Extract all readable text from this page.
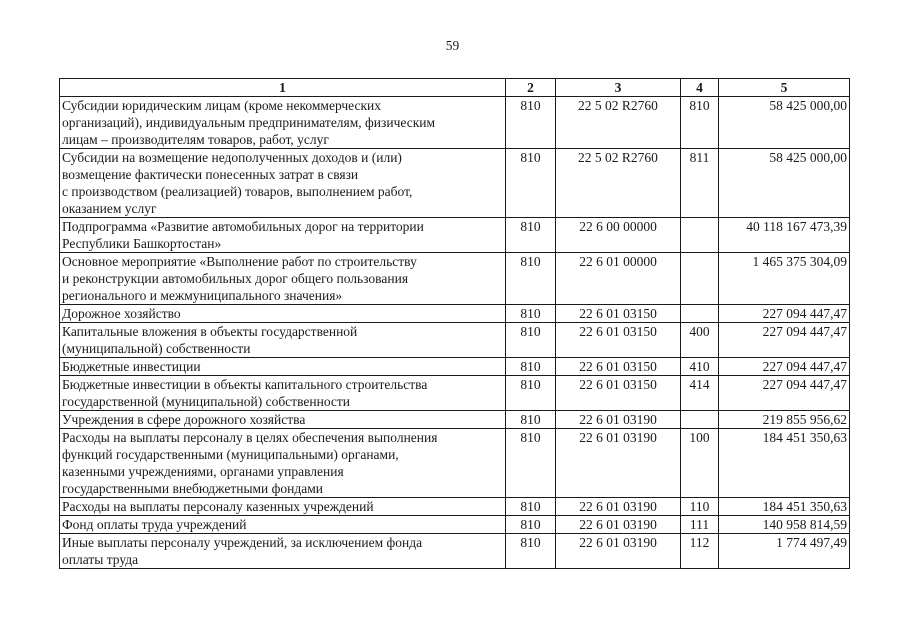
59
1	2	3	4	5
Субсидии юридическим лицам (кроме некоммерческих
организаций), индивидуальным предпринимателям, физическим
лицам – производителям товаров, работ, услуг	810	22 5 02 R2760	810	58 425 000,00
Субсидии на возмещение недополученных доходов и (или)
возмещение фактически понесенных затрат в связи
с производством (реализацией) товаров, выполнением работ,
оказанием услуг	810	22 5 02 R2760	811	58 425 000,00
Подпрограмма «Развитие автомобильных дорог на территории
Республики Башкортостан»	810	22 6 00 00000		40 118 167 473,39
Основное мероприятие «Выполнение работ по строительству
и реконструкции автомобильных дорог общего пользования
регионального и межмуниципального значения»	810	22 6 01 00000		1 465 375 304,09
Дорожное хозяйство	810	22 6 01 03150		227 094 447,47
Капитальные вложения в объекты государственной
(муниципальной) собственности	810	22 6 01 03150	400	227 094 447,47
Бюджетные инвестиции	810	22 6 01 03150	410	227 094 447,47
Бюджетные инвестиции в объекты капитального строительства
государственной (муниципальной) собственности	810	22 6 01 03150	414	227 094 447,47
Учреждения в сфере дорожного хозяйства	810	22 6 01 03190		219 855 956,62
Расходы на выплаты персоналу в целях обеспечения выполнения
функций государственными (муниципальными) органами,
казенными учреждениями, органами управления
государственными внебюджетными фондами	810	22 6 01 03190	100	184 451 350,63
Расходы на выплаты персоналу казенных учреждений	810	22 6 01 03190	110	184 451 350,63
Фонд оплаты труда учреждений	810	22 6 01 03190	111	140 958 814,59
Иные выплаты персоналу учреждений, за исключением фонда
оплаты труда	810	22 6 01 03190	112	1 774 497,49
